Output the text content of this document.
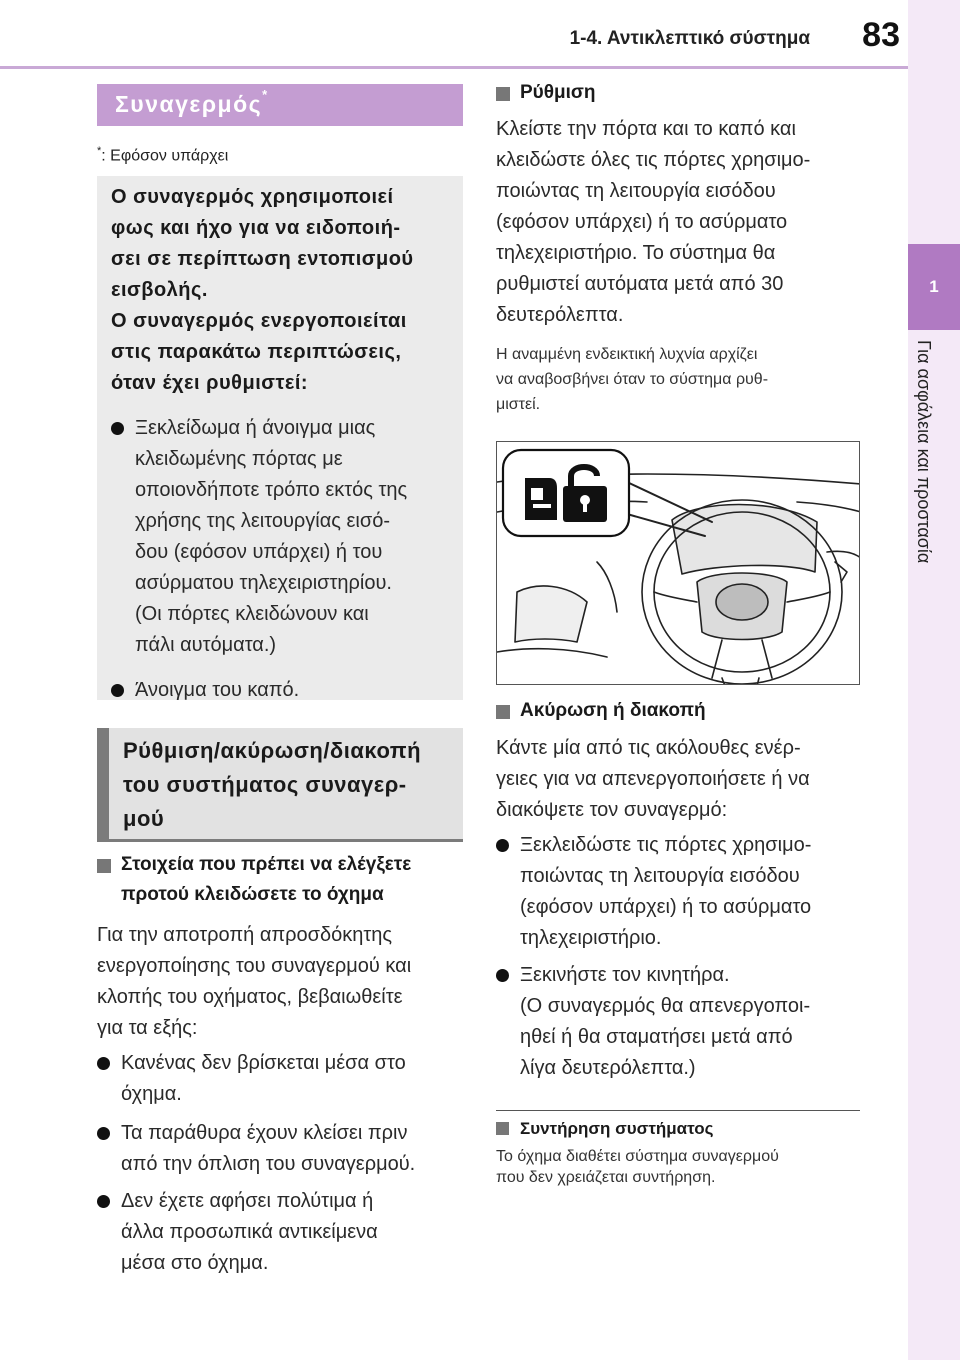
1-4. Αντικλεπτικό σύστημα	83
1
Για ασφάλεια και προστασία
Συναγερμός*
*: Εφόσον υπάρχει
Ο συναγερμός χρησιμοποιεί
φως και ήχο για να ειδοποιή-
σει σε περίπτωση εντοπισμού
εισβολής.
Ο συναγερμός ενεργοποιείται
στις παρακάτω περιπτώσεις,
όταν έχει ρυθμιστεί:
Ξεκλείδωμα ή άνοιγμα μιας
κλειδωμένης πόρτας με
οποιονδήποτε τρόπο εκτός της
χρήσης της λειτουργίας εισό-
δου (εφόσον υπάρχει) ή του
ασύρματου τηλεχειριστηρίου.
(Οι πόρτες κλειδώνουν και
πάλι αυτόματα.)
Άνοιγμα του καπό.
Ρύθμιση/ακύρωση/διακοπή
του συστήματος συναγερ-
μού
Στοιχεία που πρέπει να ελέγξετε
προτού κλειδώσετε το όχημα
Για την αποτροπή απροσδόκητης
ενεργοποίησης του συναγερμού και
κλοπής του οχήματος, βεβαιωθείτε
για τα εξής:
Κανένας δεν βρίσκεται μέσα στο
όχημα.
Τα παράθυρα έχουν κλείσει πριν
από την όπλιση του συναγερμού.
Δεν έχετε αφήσει πολύτιμα ή
άλλα προσωπικά αντικείμενα
μέσα στο όχημα.
Ρύθμιση
Κλείστε την πόρτα και το καπό και
κλειδώστε όλες τις πόρτες χρησιμο-
ποιώντας τη λειτουργία εισόδου
(εφόσον υπάρχει) ή το ασύρματο
τηλεχειριστήριο. Το σύστημα θα
ρυθμιστεί αυτόματα μετά από 30
δευτερόλεπτα.
Η αναμμένη ενδεικτική λυχνία αρχίζει
να αναβοσβήνει όταν το σύστημα ρυθ-
μιστεί.
Ακύρωση ή διακοπή
Κάντε μία από τις ακόλουθες ενέρ-
γειες για να απενεργοποιήσετε ή να
διακόψετε τον συναγερμό:
Ξεκλειδώστε τις πόρτες χρησιμο-
ποιώντας τη λειτουργία εισόδου
(εφόσον υπάρχει) ή το ασύρματο
τηλεχειριστήριο.
Ξεκινήστε τον κινητήρα.
(Ο συναγερμός θα απενεργοποι-
ηθεί ή θα σταματήσει μετά από
λίγα δευτερόλεπτα.)
Συντήρηση συστήματος
Το όχημα διαθέτει σύστημα συναγερμού
που δεν χρειάζεται συντήρηση.
